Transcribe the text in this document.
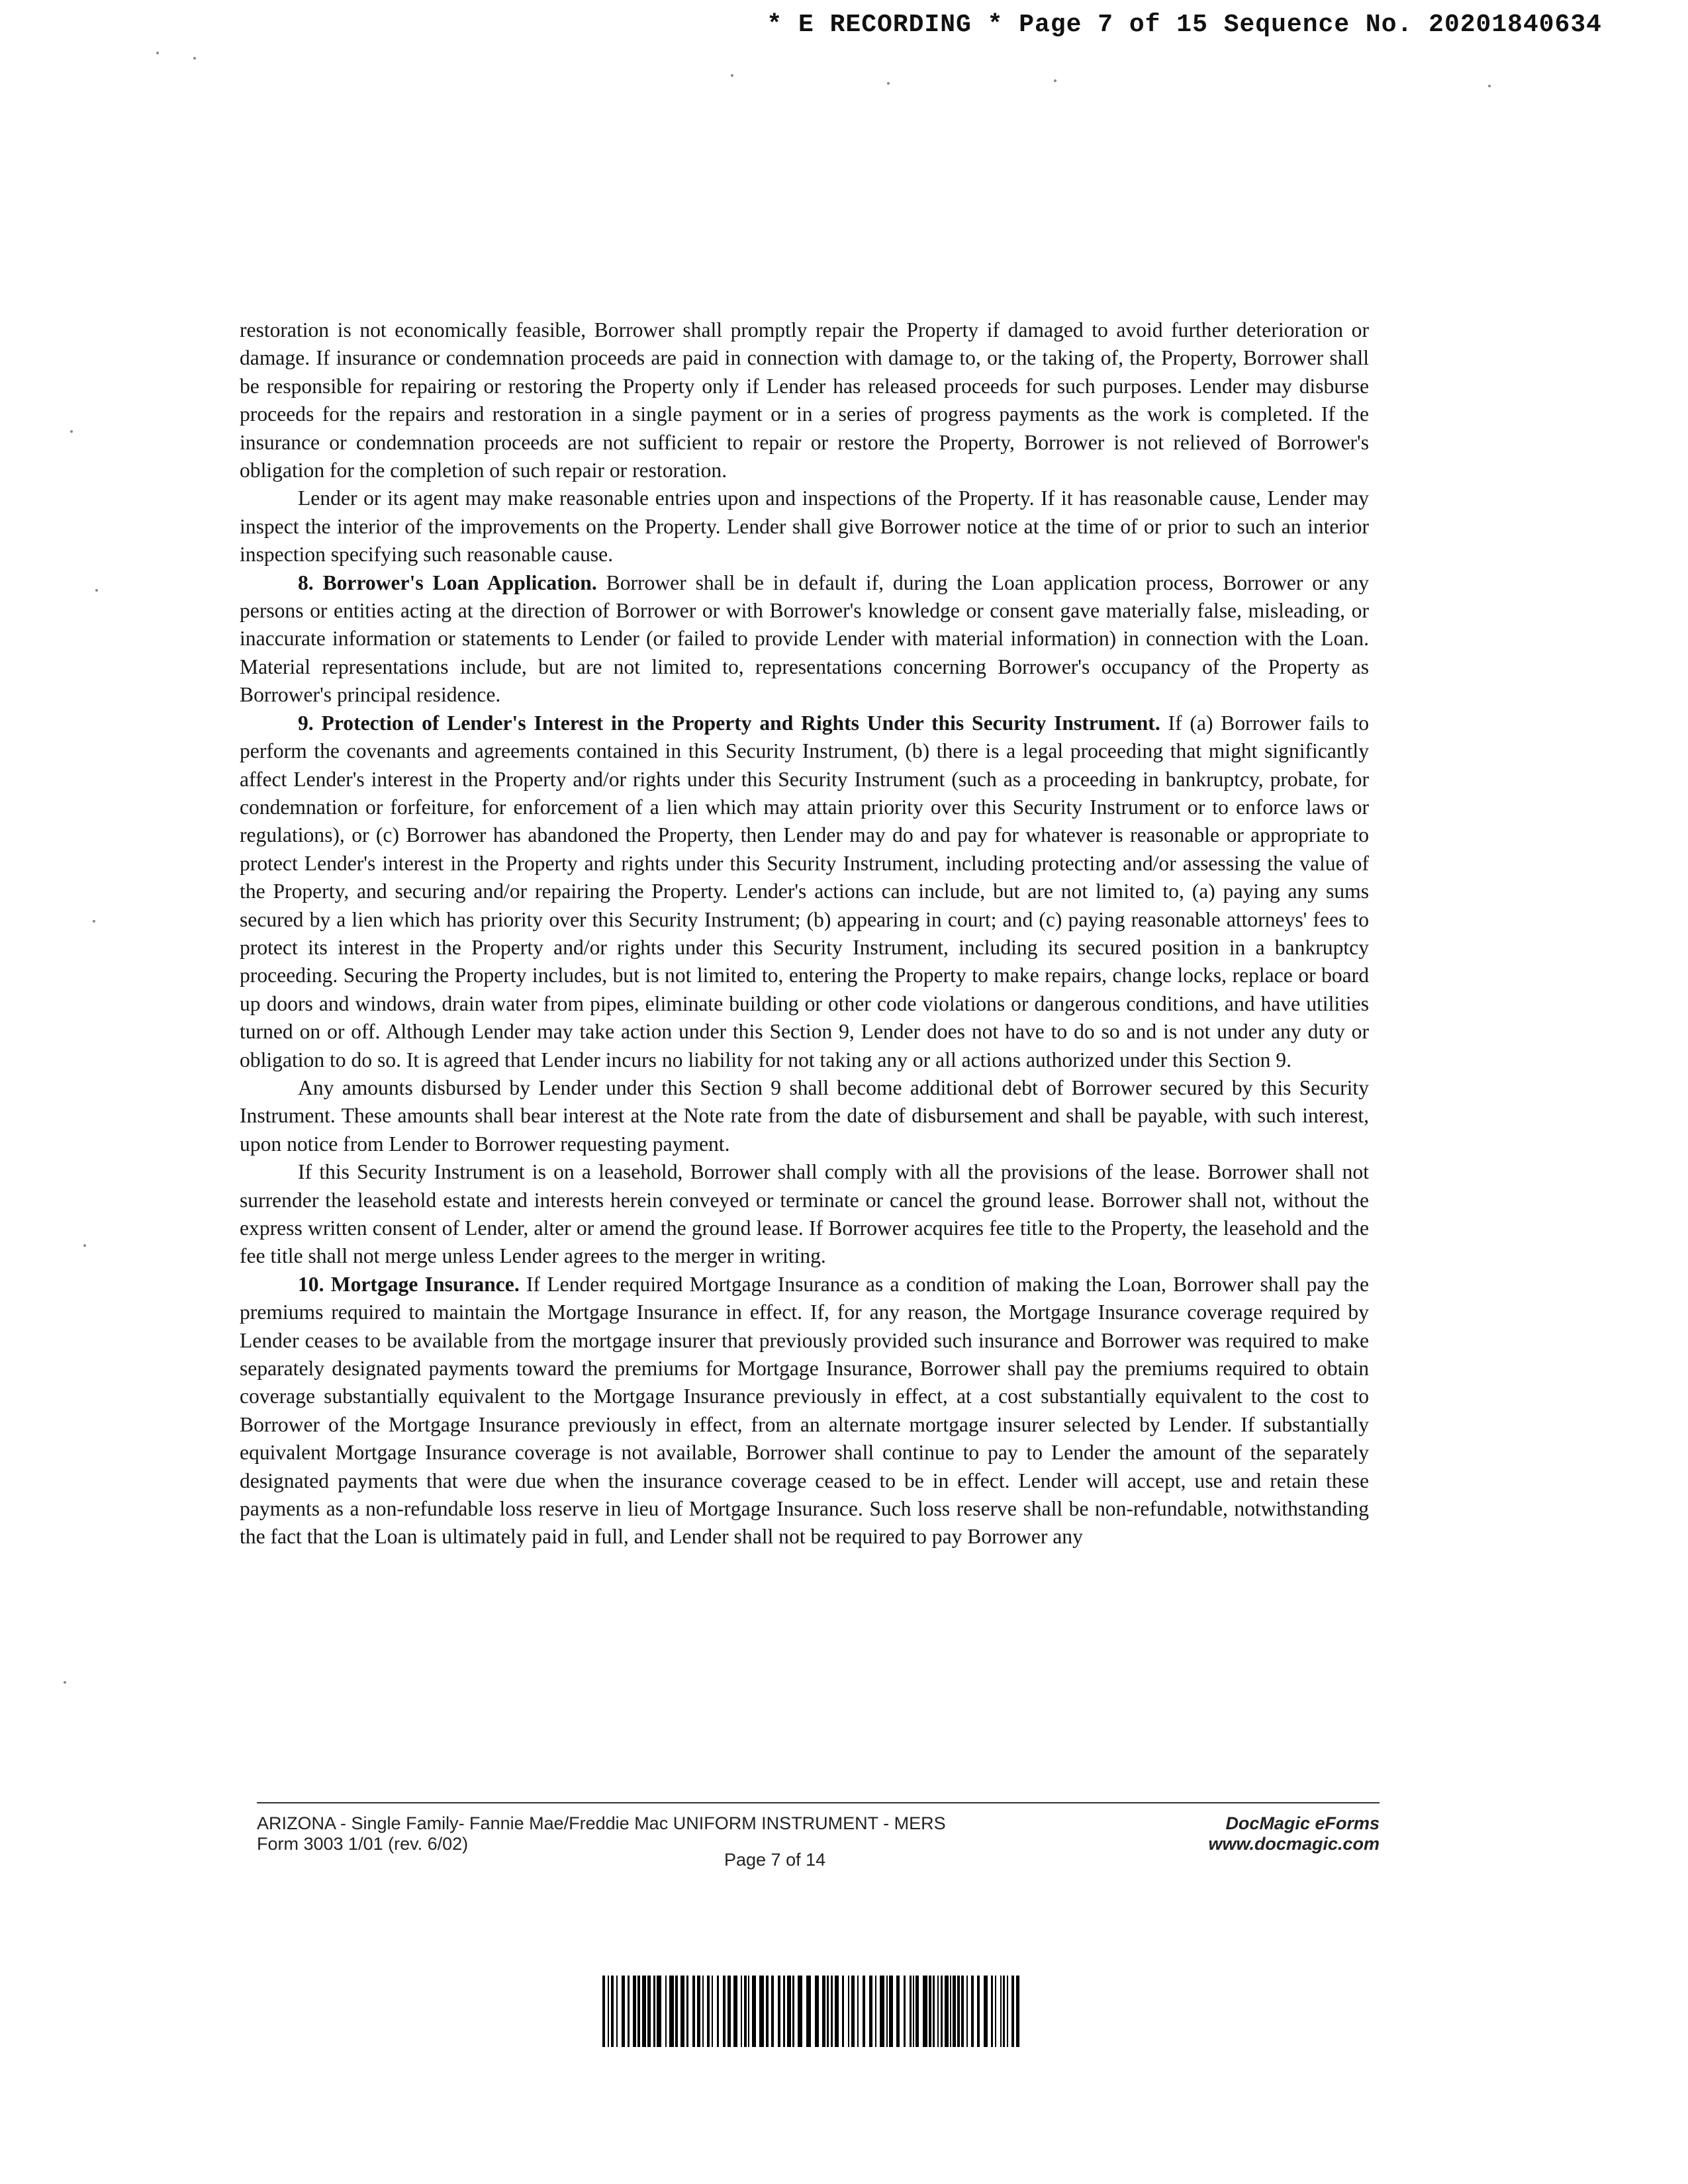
* E RECORDING * Page 7 of 15 Sequence No. 20201840634

restoration is not economically feasible, Borrower shall promptly repair the Property if damaged to avoid further deterioration or damage. If insurance or condemnation proceeds are paid in connection with damage to, or the taking of, the Property, Borrower shall be responsible for repairing or restoring the Property only if Lender has released proceeds for such purposes. Lender may disburse proceeds for the repairs and restoration in a single payment or in a series of progress payments as the work is completed. If the insurance or condemnation proceeds are not sufficient to repair or restore the Property, Borrower is not relieved of Borrower's obligation for the completion of such repair or restoration.

Lender or its agent may make reasonable entries upon and inspections of the Property. If it has reasonable cause, Lender may inspect the interior of the improvements on the Property. Lender shall give Borrower notice at the time of or prior to such an interior inspection specifying such reasonable cause.

8. Borrower's Loan Application. Borrower shall be in default if, during the Loan application process, Borrower or any persons or entities acting at the direction of Borrower or with Borrower's knowledge or consent gave materially false, misleading, or inaccurate information or statements to Lender (or failed to provide Lender with material information) in connection with the Loan. Material representations include, but are not limited to, representations concerning Borrower's occupancy of the Property as Borrower's principal residence.

9. Protection of Lender's Interest in the Property and Rights Under this Security Instrument. If (a) Borrower fails to perform the covenants and agreements contained in this Security Instrument, (b) there is a legal proceeding that might significantly affect Lender's interest in the Property and/or rights under this Security Instrument (such as a proceeding in bankruptcy, probate, for condemnation or forfeiture, for enforcement of a lien which may attain priority over this Security Instrument or to enforce laws or regulations), or (c) Borrower has abandoned the Property, then Lender may do and pay for whatever is reasonable or appropriate to protect Lender's interest in the Property and rights under this Security Instrument, including protecting and/or assessing the value of the Property, and securing and/or repairing the Property. Lender's actions can include, but are not limited to, (a) paying any sums secured by a lien which has priority over this Security Instrument; (b) appearing in court; and (c) paying reasonable attorneys' fees to protect its interest in the Property and/or rights under this Security Instrument, including its secured position in a bankruptcy proceeding. Securing the Property includes, but is not limited to, entering the Property to make repairs, change locks, replace or board up doors and windows, drain water from pipes, eliminate building or other code violations or dangerous conditions, and have utilities turned on or off. Although Lender may take action under this Section 9, Lender does not have to do so and is not under any duty or obligation to do so. It is agreed that Lender incurs no liability for not taking any or all actions authorized under this Section 9.

Any amounts disbursed by Lender under this Section 9 shall become additional debt of Borrower secured by this Security Instrument. These amounts shall bear interest at the Note rate from the date of disbursement and shall be payable, with such interest, upon notice from Lender to Borrower requesting payment.

If this Security Instrument is on a leasehold, Borrower shall comply with all the provisions of the lease. Borrower shall not surrender the leasehold estate and interests herein conveyed or terminate or cancel the ground lease. Borrower shall not, without the express written consent of Lender, alter or amend the ground lease. If Borrower acquires fee title to the Property, the leasehold and the fee title shall not merge unless Lender agrees to the merger in writing.

10. Mortgage Insurance. If Lender required Mortgage Insurance as a condition of making the Loan, Borrower shall pay the premiums required to maintain the Mortgage Insurance in effect. If, for any reason, the Mortgage Insurance coverage required by Lender ceases to be available from the mortgage insurer that previously provided such insurance and Borrower was required to make separately designated payments toward the premiums for Mortgage Insurance, Borrower shall pay the premiums required to obtain coverage substantially equivalent to the Mortgage Insurance previously in effect, at a cost substantially equivalent to the cost to Borrower of the Mortgage Insurance previously in effect, from an alternate mortgage insurer selected by Lender. If substantially equivalent Mortgage Insurance coverage is not available, Borrower shall continue to pay to Lender the amount of the separately designated payments that were due when the insurance coverage ceased to be in effect. Lender will accept, use and retain these payments as a non-refundable loss reserve in lieu of Mortgage Insurance. Such loss reserve shall be non-refundable, notwithstanding the fact that the Loan is ultimately paid in full, and Lender shall not be required to pay Borrower any

ARIZONA - Single Family- Fannie Mae/Freddie Mac UNIFORM INSTRUMENT - MERS
Form 3003 1/01 (rev. 6/02)
DocMagic eForms
www.docmagic.com
Page 7 of 14
